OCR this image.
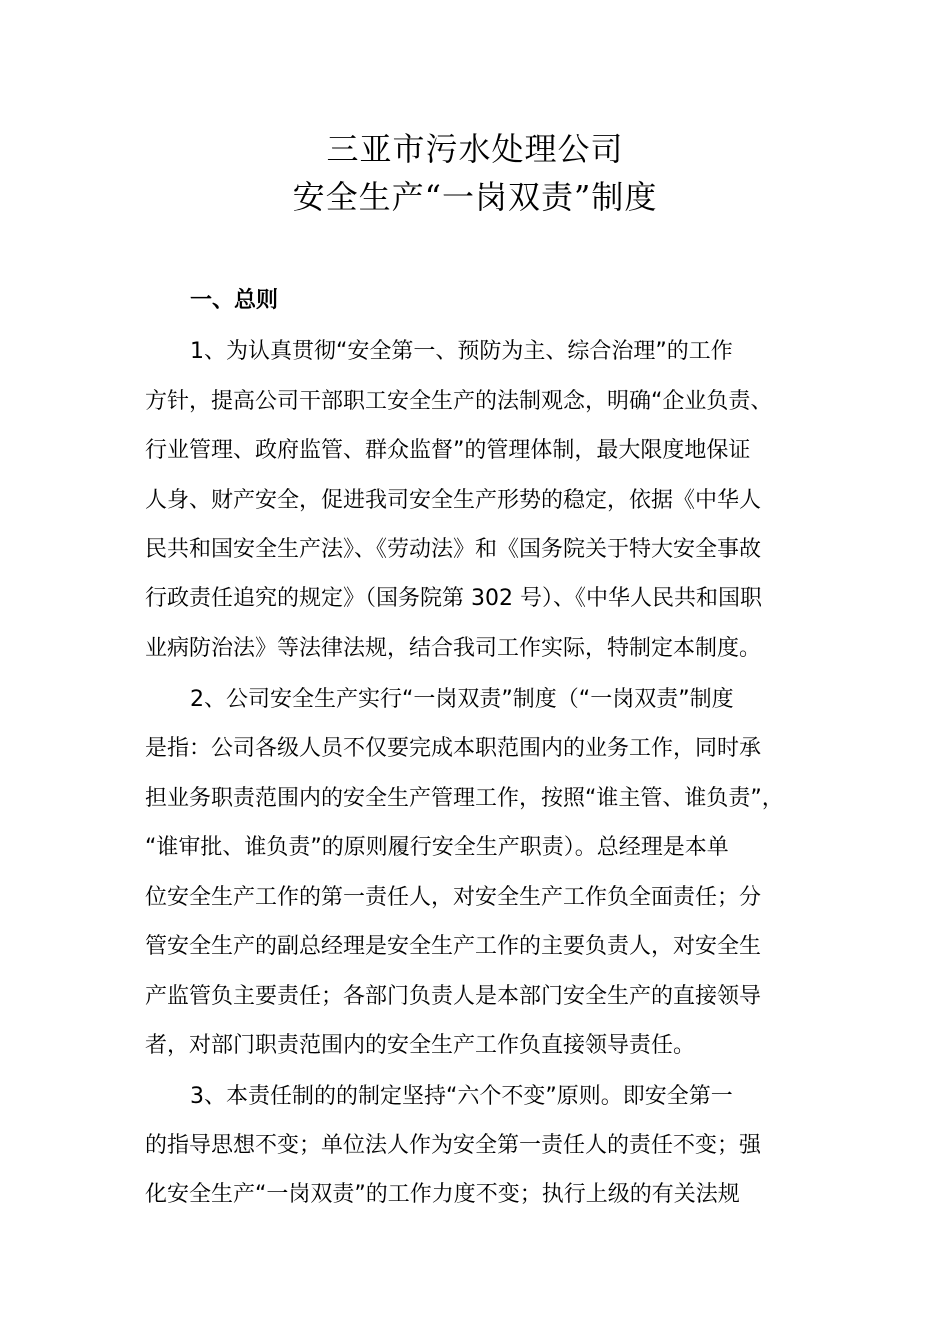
三亚市污水处理公司
安全生产“一岗双责”制度
一、总则
1、为认真贯彻“安全第一、预防为主、综合治理”的工作
方针，提高公司干部职工安全生产的法制观念，明确“企业负责、
行业管理、政府监管、群众监督”的管理体制，最大限度地保证
人身、财产安全，促进我司安全生产形势的稳定，依据《中华人
民共和国安全生产法》、《劳动法》和《国务院关于特大安全事故
行政责任追究的规定》（国务院第 302 号）、《中华人民共和国职
业病防治法》等法律法规，结合我司工作实际，特制定本制度。
2、公司安全生产实行“一岗双责”制度（“一岗双责”制度
是指：公司各级人员不仅要完成本职范围内的业务工作，同时承
担业务职责范围内的安全生产管理工作，按照“谁主管、谁负责”，
“谁审批、谁负责”的原则履行安全生产职责）。总经理是本单
位安全生产工作的第一责任人，对安全生产工作负全面责任；分
管安全生产的副总经理是安全生产工作的主要负责人，对安全生
产监管负主要责任；各部门负责人是本部门安全生产的直接领导
者，对部门职责范围内的安全生产工作负直接领导责任。
3、本责任制的的制定坚持“六个不变”原则。即安全第一
的指导思想不变；单位法人作为安全第一责任人的责任不变；强
化安全生产“一岗双责”的工作力度不变；执行上级的有关法规
